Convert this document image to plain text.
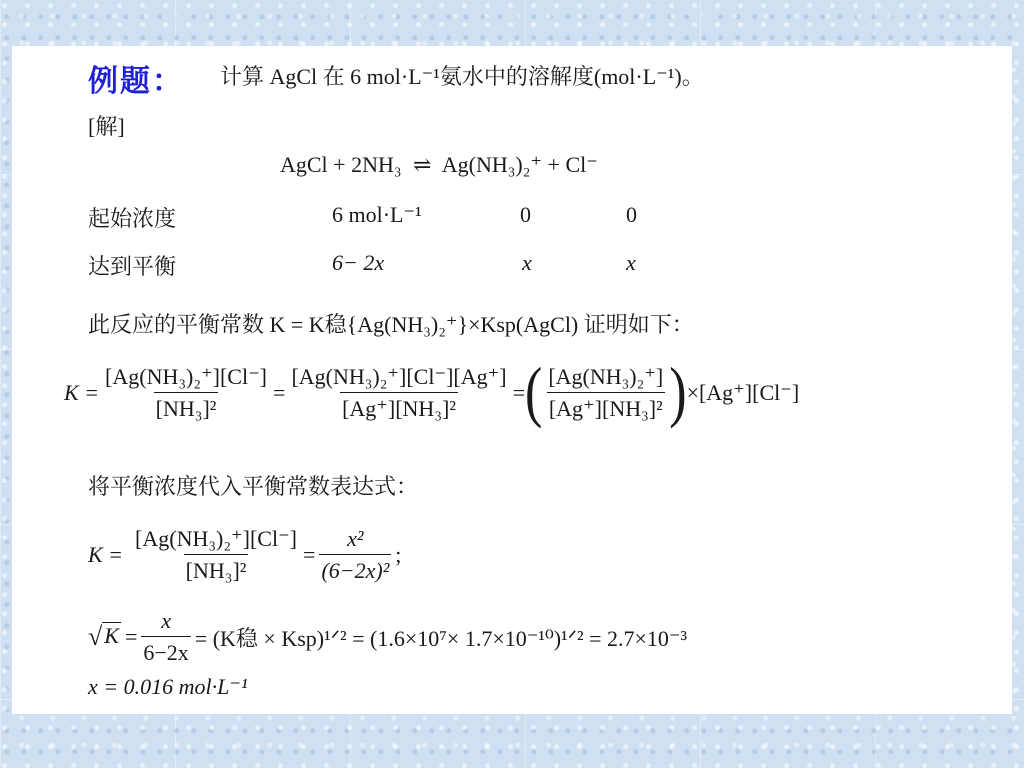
例题： 计算 AgCl 在 6 mol·L⁻¹氨水中的溶解度(mol·L⁻¹)。
[解]
AgCl + 2NH₃ ⇌ Ag(NH₃)₂⁺ + Cl⁻
起始浓度	6 mol·L⁻¹	0	0
达到平衡	6− 2x	x	x
此反应的平衡常数 K = K稳{Ag(NH₃)₂⁺}×Ksp(AgCl) 证明如下：
$K = \frac{\text{[Ag(NH₃)₂⁺][Cl⁻]}}{\text{[NH₃]²}} = \frac{\text{[Ag(NH₃)₂⁺][Cl⁻][Ag⁺]}}{\text{[Ag⁺][NH₃]²}}$ = ( $\frac{\text{[Ag(NH₃)₂⁺]}}{\text{[Ag⁺][NH₃]²}}$ ) ×[Ag⁺][Cl⁻]
将平衡浓度代入平衡常数表达式：
$K = \frac{\text{[Ag(NH₃)₂⁺][Cl⁻]}}{\text{[NH₃]²}} = \frac{\text{x²}}{\text{(6−2x)²}}$ ;
√ $K = \frac{x}{6-2x} = (K$稳 × Ksp)¹ᐟ² = (1.6×10⁷× 1.7×10⁻¹⁰)¹ᐟ² = 2.7×10⁻³
x = 0.016 mol·L⁻¹
